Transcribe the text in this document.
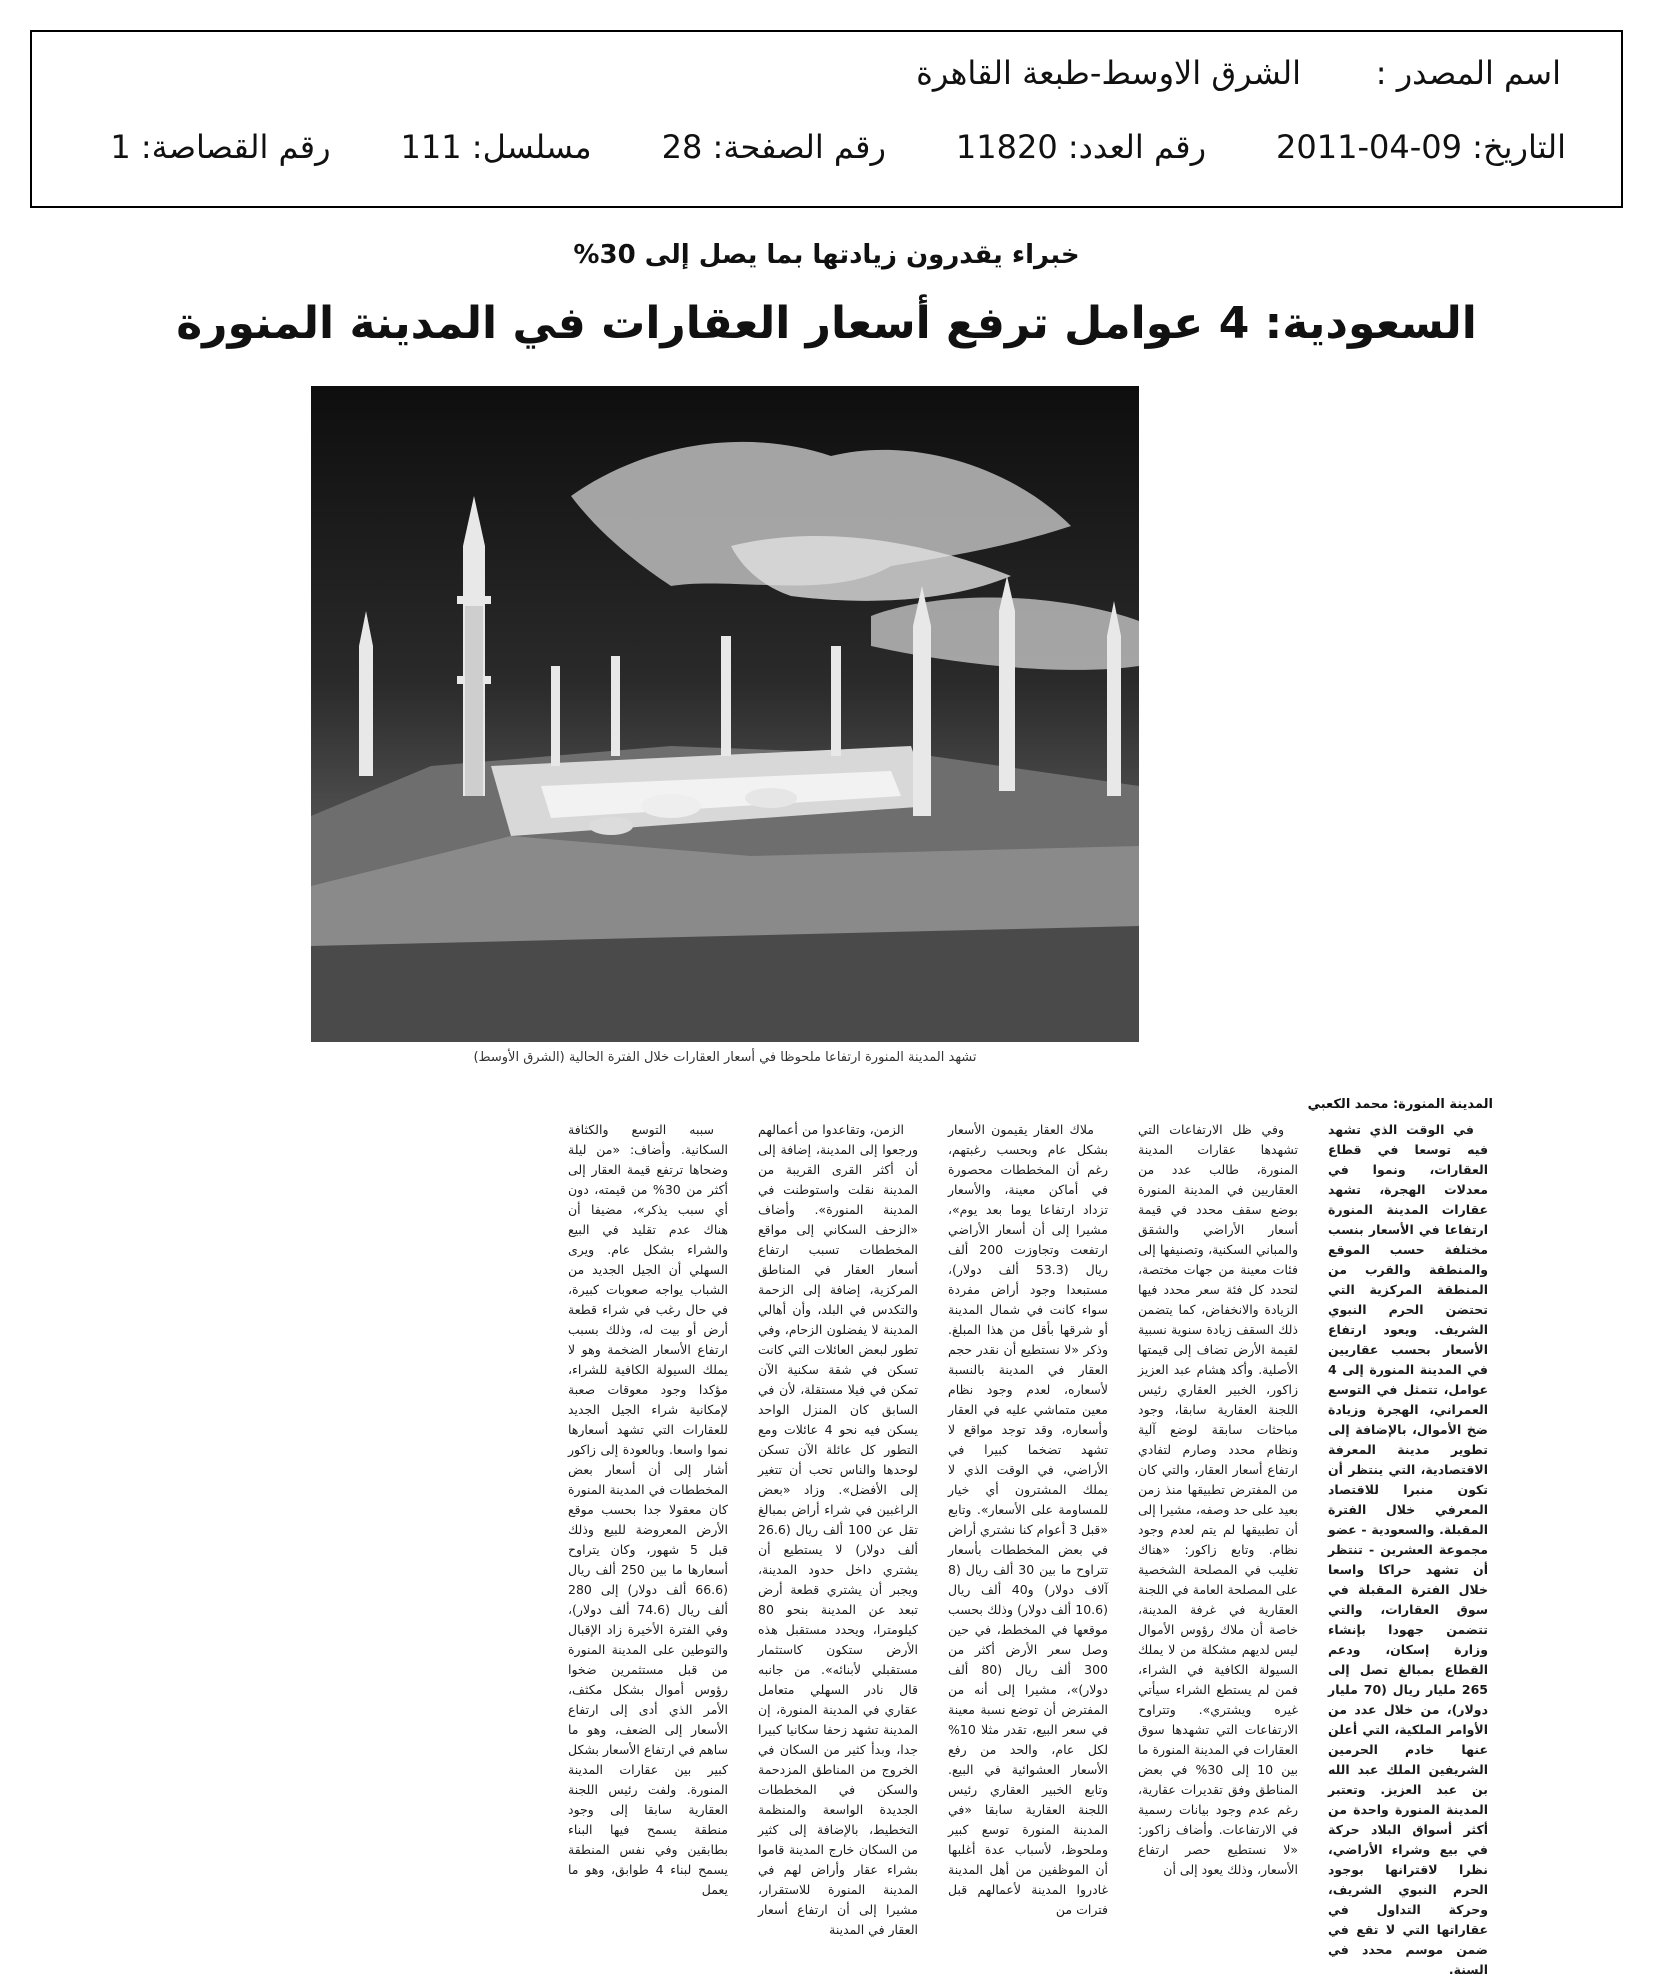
اسم المصدر :
الشرق الاوسط-طبعة القاهرة
التاريخ: 09-04-2011
رقم العدد: 11820
رقم الصفحة: 28
مسلسل: 111
رقم القصاصة: 1
خبراء يقدرون زيادتها بما يصل إلى 30%
السعودية: 4 عوامل ترفع أسعار العقارات في المدينة المنورة
تشهد المدينة المنورة ارتفاعا ملحوظا في أسعار العقارات خلال الفترة الحالية (الشرق الأوسط)
المدينة المنورة: محمد الكعبي

في الوقت الذي تشهد فيه توسعا في قطاع العقارات، ونموا في معدلات الهجرة، تشهد عقارات المدينة المنورة ارتفاعا في الأسعار بنسب مختلفة حسب الموقع والمنطقة والقرب من المنطقة المركزية التي تحتضن الحرم النبوي الشريف. ويعود ارتفاع الأسعار بحسب عقاريين في المدينة المنورة إلى 4 عوامل، تتمثل في التوسع العمراني، الهجرة وزيادة ضخ الأموال، بالإضافة إلى تطوير مدينة المعرفة الاقتصادية، التي ينتظر أن تكون منبرا للاقتصاد المعرفي خلال الفترة المقبلة. والسعودية - عضو مجموعة العشرين - تنتظر أن تشهد حراكا واسعا خلال الفترة المقبلة في سوق العقارات، والتي تتضمن جهودا بإنشاء وزارة إسكان، ودعم القطاع بمبالغ تصل إلى 265 مليار ريال (70 مليار دولار)، من خلال عدد من الأوامر الملكية، التي أعلن عنها خادم الحرمين الشريفين الملك عبد الله بن عبد العزيز. وتعتبر المدينة المنورة واحدة من أكثر أسواق البلاد حركة في بيع وشراء الأراضي، نظرا لاقترانها بوجود الحرم النبوي الشريف، وحركة التداول في عقاراتها التي لا تقع في ضمن موسم محدد في السنة.

وفي ظل الارتفاعات التي تشهدها عقارات المدينة المنورة، طالب عدد من العقاريين في المدينة المنورة بوضع سقف محدد في قيمة أسعار الأراضي والشقق والمباني السكنية، وتصنيفها إلى فئات معينة من جهات مختصة، لتحدد كل فئة سعر محدد فيها الزيادة والانخفاض، كما يتضمن ذلك السقف زيادة سنوية نسبية لقيمة الأرض تضاف إلى قيمتها الأصلية. وأكد هشام عبد العزيز زاكور، الخبير العقاري رئيس اللجنة العقارية سابقا، وجود مباحثات سابقة لوضع آلية ونظام محدد وصارم لتفادي ارتفاع أسعار العقار، والتي كان من المفترض تطبيقها منذ زمن بعيد على حد وصفه، مشيرا إلى أن تطبيقها لم يتم لعدم وجود نظام. وتابع زاكور: «هناك تغليب في المصلحة الشخصية على المصلحة العامة في اللجنة العقارية في غرفة المدينة، خاصة أن ملاك رؤوس الأموال ليس لديهم مشكلة من لا يملك السيولة الكافية في الشراء، فمن لم يستطع الشراء سيأتي غيره ويشتري». وتتراوح الارتفاعات التي تشهدها سوق العقارات في المدينة المنورة ما بين 10 إلى 30% في بعض المناطق وفق تقديرات عقارية، رغم عدم وجود بيانات رسمية في الارتفاعات. وأضاف زاكور: «لا نستطيع حصر ارتفاع الأسعار، وذلك يعود إلى أن

ملاك العقار يقيمون الأسعار بشكل عام وبحسب رغبتهم، رغم أن المخططات محصورة في أماكن معينة، والأسعار تزداد ارتفاعا يوما بعد يوم»، مشيرا إلى أن أسعار الأراضي ارتفعت وتجاوزت 200 ألف ريال (53.3 ألف دولار)، مستبعدا وجود أراض مفردة سواء كانت في شمال المدينة أو شرقها بأقل من هذا المبلغ. وذكر «لا نستطيع أن نقدر حجم العقار في المدينة بالنسبة لأسعاره، لعدم وجود نظام معين متماشي عليه في العقار وأسعاره، وقد توجد مواقع لا تشهد تضخما كبيرا في الأراضي، في الوقت الذي لا يملك المشترون أي خيار للمساومة على الأسعار». وتابع «قبل 3 أعوام كنا نشتري أراض في بعض المخططات بأسعار تتراوح ما بين 30 ألف ريال (8 آلاف دولار) و40 ألف ريال (10.6 ألف دولار) وذلك بحسب موقعها في المخطط، في حين وصل سعر الأرض أكثر من 300 ألف ريال (80 ألف دولار)»، مشيرا إلى أنه من المفترض أن توضع نسبة معينة في سعر البيع، تقدر مثلا 10% لكل عام، والحد من رفع الأسعار العشوائية في البيع. وتابع الخبير العقاري رئيس اللجنة العقارية سابقا «في المدينة المنورة توسع كبير وملحوظ، لأسباب عدة أغلبها أن الموظفين من أهل المدينة غادروا المدينة لأعمالهم قبل فترات من

الزمن، وتقاعدوا من أعمالهم ورجعوا إلى المدينة، إضافة إلى أن أكثر القرى القريبة من المدينة نقلت واستوطنت في المدينة المنورة». وأضاف «الزحف السكاني إلى مواقع المخططات تسبب ارتفاع أسعار العقار في المناطق المركزية، إضافة إلى الزحمة والتكدس في البلد، وأن أهالي المدينة لا يفضلون الزحام، وفي تطور لبعض العائلات التي كانت تسكن في شقة سكنية الآن تمكن في فيلا مستقلة، لأن في السابق كان المنزل الواحد يسكن فيه نحو 4 عائلات ومع التطور كل عائلة الآن تسكن لوحدها والناس تحب أن تتغير إلى الأفضل». وزاد «بعض الراغبين في شراء أراض بمبالغ تقل عن 100 ألف ريال (26.6 ألف دولار) لا يستطيع أن يشتري داخل حدود المدينة، ويجبر أن يشتري قطعة أرض تبعد عن المدينة بنحو 80 كيلومترا، ويحدد مستقبل هذه الأرض ستكون كاستثمار مستقبلي لأبنائه». من جانبه قال نادر السهلي متعامل عقاري في المدينة المنورة، إن المدينة تشهد زحفا سكانيا كبيرا جدا، وبدأ كثير من السكان في الخروج من المناطق المزدحمة والسكن في المخططات الجديدة الواسعة والمنظمة التخطيط، بالإضافة إلى كثير من السكان خارج المدينة قاموا بشراء عقار وأراض لهم في المدينة المنورة للاستقرار، مشيرا إلى أن ارتفاع أسعار العقار في المدينة

سببه التوسع والكثافة السكانية. وأضاف: «من ليلة وضحاها ترتفع قيمة العقار إلى أكثر من 30% من قيمته، دون أي سبب يذكر»، مضيفا أن هناك عدم تقليد في البيع والشراء بشكل عام. ويرى السهلي أن الجيل الجديد من الشباب يواجه صعوبات كبيرة، في حال رغب في شراء قطعة أرض أو بيت له، وذلك بسبب ارتفاع الأسعار الضخمة وهو لا يملك السيولة الكافية للشراء، مؤكدا وجود معوقات صعبة لإمكانية شراء الجيل الجديد للعقارات التي تشهد أسعارها نموا واسعا. وبالعودة إلى زاكور أشار إلى أن أسعار بعض المخططات في المدينة المنورة كان معقولا جدا بحسب موقع الأرض المعروضة للبيع وذلك قبل 5 شهور، وكان يتراوح أسعارها ما بين 250 ألف ريال (66.6 ألف دولار) إلى 280 ألف ريال (74.6 ألف دولار)، وفي الفترة الأخيرة زاد الإقبال والتوطين على المدينة المنورة من قبل مستثمرين ضخوا رؤوس أموال بشكل مكثف، الأمر الذي أدى إلى ارتفاع الأسعار إلى الضعف، وهو ما ساهم في ارتفاع الأسعار بشكل كبير بين عقارات المدينة المنورة. ولفت رئيس اللجنة العقارية سابقا إلى وجود منطقة يسمح فيها البناء بطابقين وفي نفس المنطقة يسمح لبناء 4 طوابق، وهو ما يعمل
